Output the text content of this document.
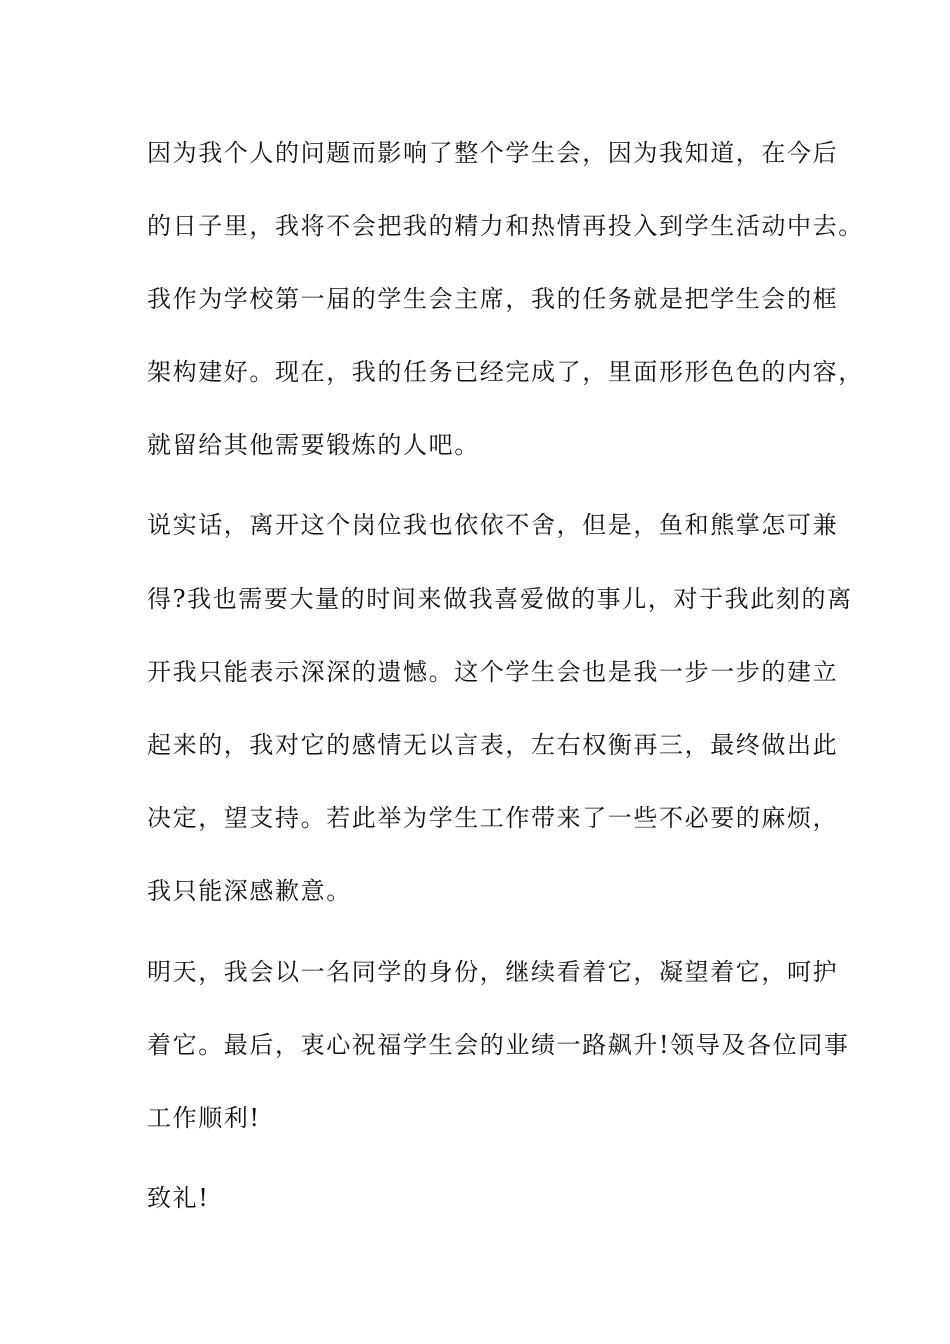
因为我个人的问题而影响了整个学生会，因为我知道，在今后
的日子里，我将不会把我的精力和热情再投入到学生活动中去。
我作为学校第一届的学生会主席，我的任务就是把学生会的框
架构建好。现在，我的任务已经完成了，里面形形色色的内容，
就留给其他需要锻炼的人吧。
说实话，离开这个岗位我也依依不舍，但是，鱼和熊掌怎可兼
得?我也需要大量的时间来做我喜爱做的事儿，对于我此刻的离
开我只能表示深深的遗憾。这个学生会也是我一步一步的建立
起来的，我对它的感情无以言表，左右权衡再三，最终做出此
决定，望支持。若此举为学生工作带来了一些不必要的麻烦，
我只能深感歉意。
明天，我会以一名同学的身份，继续看着它，凝望着它，呵护
着它。最后，衷心祝福学生会的业绩一路飙升!领导及各位同事
工作顺利!
致礼!
